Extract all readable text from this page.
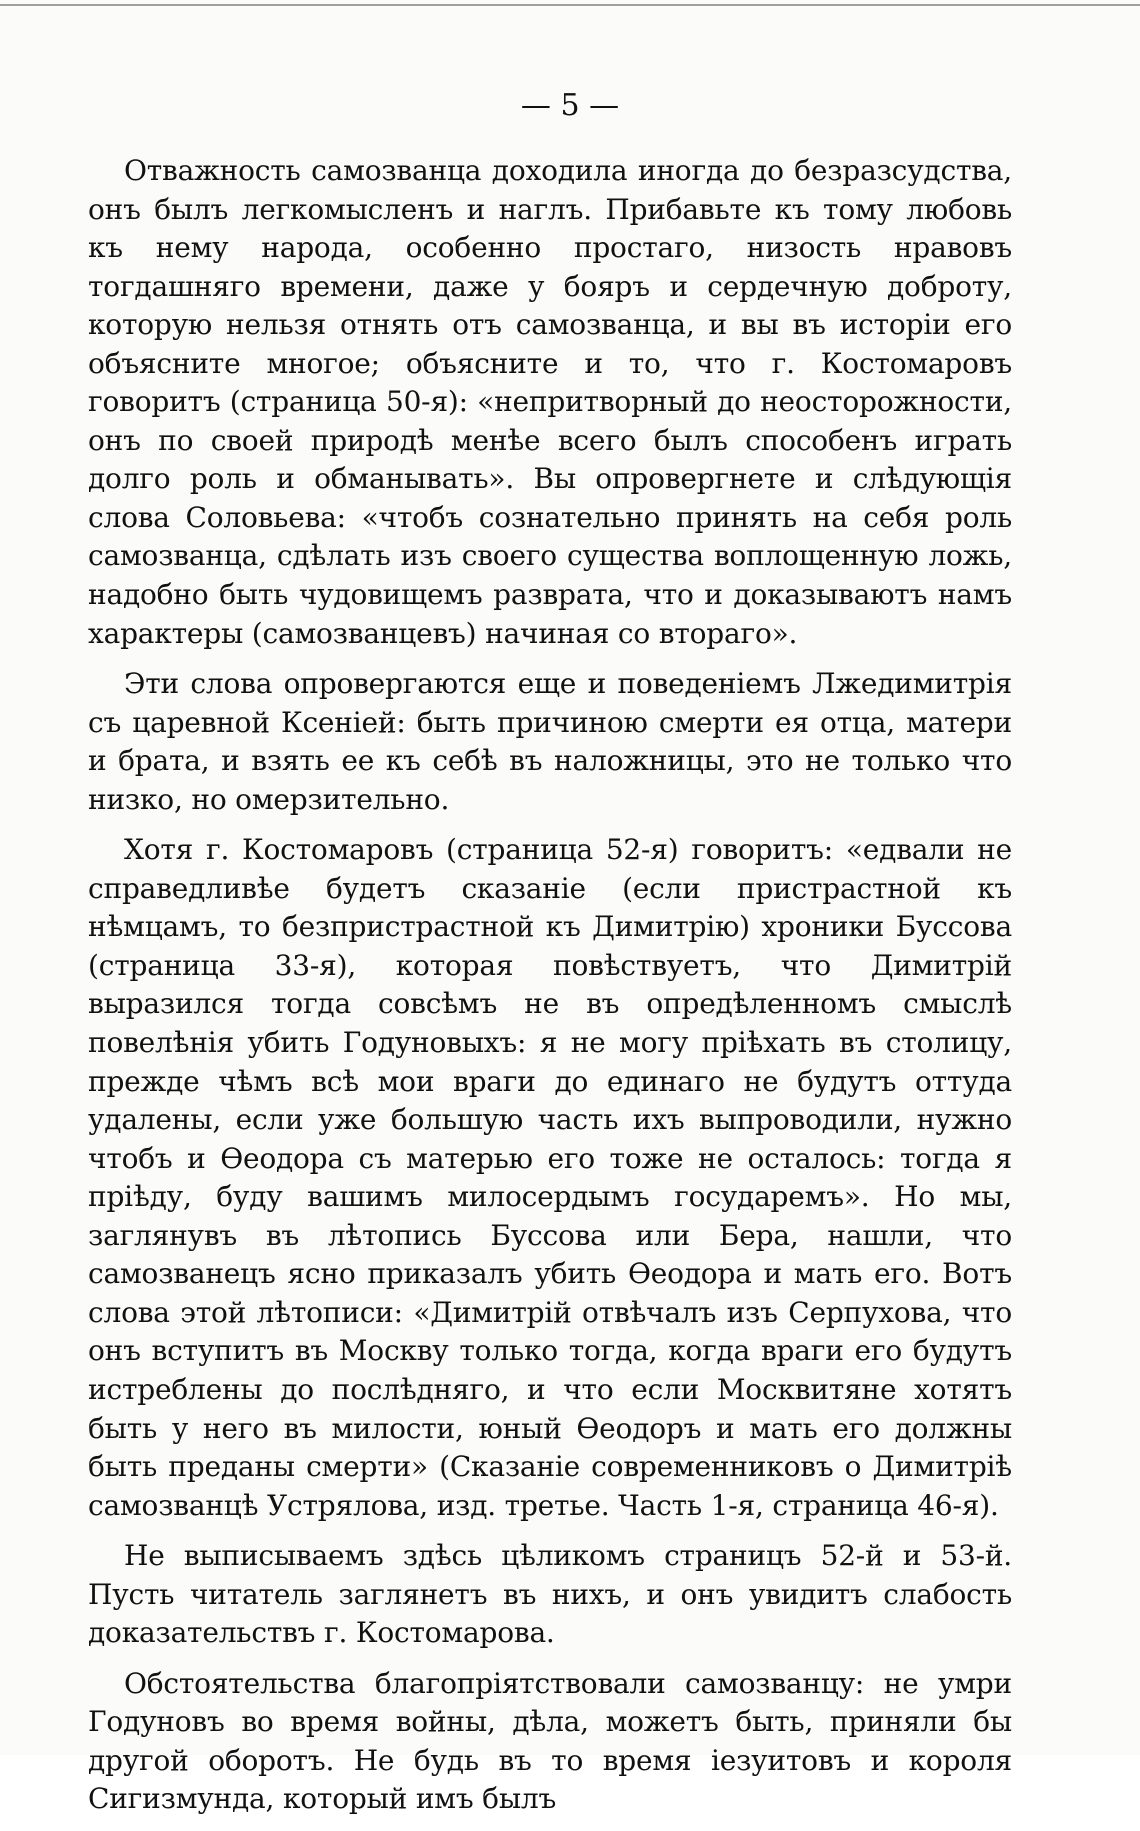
— 5 —

Отважность самозванца доходила иногда до безразсудства, онъ былъ легкомысленъ и наглъ. Прибавьте къ тому любовь къ нему народа, особенно простаго, низость нравовъ тогдашняго времени, даже у бояръ и сердечную доброту, которую нельзя отнять отъ самозванца, и вы въ исторіи его объясните многое; объясните и то, что г. Костомаровъ говоритъ (страница 50-я): «непритворный до неосторожности, онъ по своей природѣ менѣе всего былъ способенъ играть долго роль и обманывать». Вы опровергнете и слѣдующія слова Соловьева: «чтобъ сознательно принять на себя роль самозванца, сдѣлать изъ своего существа воплощенную ложь, надобно быть чудовищемъ разврата, что и доказываютъ намъ характеры (самозванцевъ) начиная со втораго».

Эти слова опровергаются еще и поведеніемъ Лжедимитрія съ царевной Ксеніей: быть причиною смерти ея отца, матери и брата, и взять ее къ себѣ въ наложницы, это не только что низко, но омерзительно.

Хотя г. Костомаровъ (страница 52-я) говоритъ: «едвали не справедливѣе будетъ сказаніе (если пристрастной къ нѣмцамъ, то безпристрастной къ Димитрію) хроники Буссова (страница 33-я), которая повѣствуетъ, что Димитрій выразился тогда совсѣмъ не въ опредѣленномъ смыслѣ повелѣнія убить Годуновыхъ: я не могу пріѣхать въ столицу, прежде чѣмъ всѣ мои враги до единаго не будутъ оттуда удалены, если уже большую часть ихъ выпроводили, нужно чтобъ и Ѳеодора съ матерью его тоже не осталось: тогда я пріѣду, буду вашимъ милосердымъ государемъ». Но мы, заглянувъ въ лѣтопись Буссова или Бера, нашли, что самозванецъ ясно приказалъ убить Ѳеодора и мать его. Вотъ слова этой лѣтописи: «Димитрій отвѣчалъ изъ Серпухова, что онъ вступитъ въ Москву только тогда, когда враги его будутъ истреблены до послѣдняго, и что если Москвитяне хотятъ быть у него въ милости, юный Ѳеодоръ и мать его должны быть преданы смерти» (Сказаніе современниковъ о Димитріѣ самозванцѣ Устрялова, изд. третье. Часть 1-я, страница 46-я).

Не выписываемъ здѣсь цѣликомъ страницъ 52-й и 53-й. Пусть читатель заглянетъ въ нихъ, и онъ увидитъ слабость доказательствъ г. Костомарова.

Обстоятельства благопріятствовали самозванцу: не умри Годуновъ во время войны, дѣла, можетъ быть, приняли бы другой оборотъ. Не будь въ то время іезуитовъ и короля Сигизмунда, который имъ былъ
